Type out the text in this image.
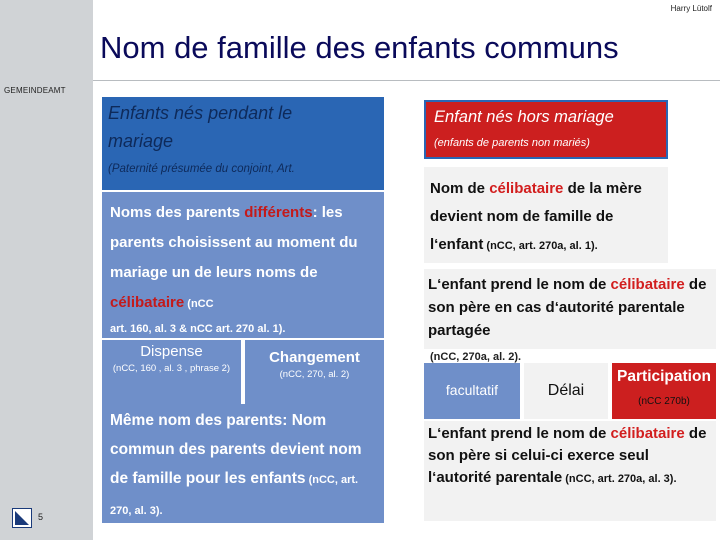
Harry Lütolf
Nom de famille des enfants communs
GEMEINDEAMT
Enfants nés pendant le
mariage
(Paternité présumée du conjoint, Art.
Noms des parents différents: les parents choisissent au moment du mariage un de leurs noms de célibataire (nCC
art. 160, al. 3 & nCC art. 270 al. 1).
Dispense
(nCC, 160 , al. 3 , phrase 2)
Changement
(nCC, 270, al. 2)
Même nom des parents: Nom commun des parents devient nom de famille pour les enfants (nCC, art. 270, al. 3).
Enfant nés hors mariage
(enfants de parents non mariés)
Nom de célibataire de la mère devient nom de famille de l‘enfant (nCC, art. 270a, al. 1).
L‘enfant prend le nom de célibataire de son père en cas d‘autorité parentale partagée
(nCC, 270a, al. 2).
facultatif	Délai
Participation
(nCC 270b)
L‘enfant prend le nom de célibataire de son père si celui-ci exerce seul l‘autorité parentale (nCC, art. 270a, al. 3).
5
